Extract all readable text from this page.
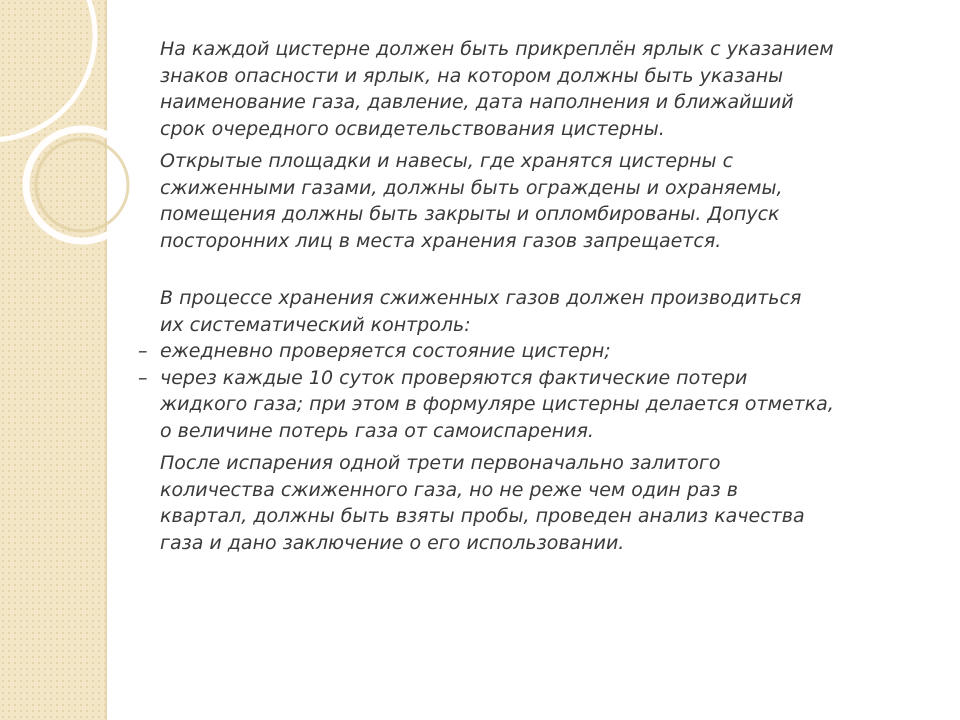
На каждой цистерне должен быть прикреплён ярлык с указанием
знаков опасности и ярлык, на котором должны быть указаны
наименование газа, давление, дата наполнения и ближайший
срок очередного освидетельствования цистерны.

Открытые площадки и навесы, где хранятся цистерны с
сжиженными газами, должны быть ограждены и охраняемы,
помещения должны быть закрыты и опломбированы. Допуск
посторонних лиц в места хранения газов запрещается.

В процессе хранения сжиженных газов должен производиться
их систематический контроль:

– ежедневно проверяется состояние цистерн;

– через каждые 10 суток проверяются фактические потери
жидкого газа; при этом в формуляре цистерны делается отметка,
о величине потерь газа от самоиспарения.

После испарения одной трети первоначально залитого
количества сжиженного газа, но не реже чем один раз в
квартал, должны быть взяты пробы, проведен анализ качества
газа и дано заключение о его использовании.
